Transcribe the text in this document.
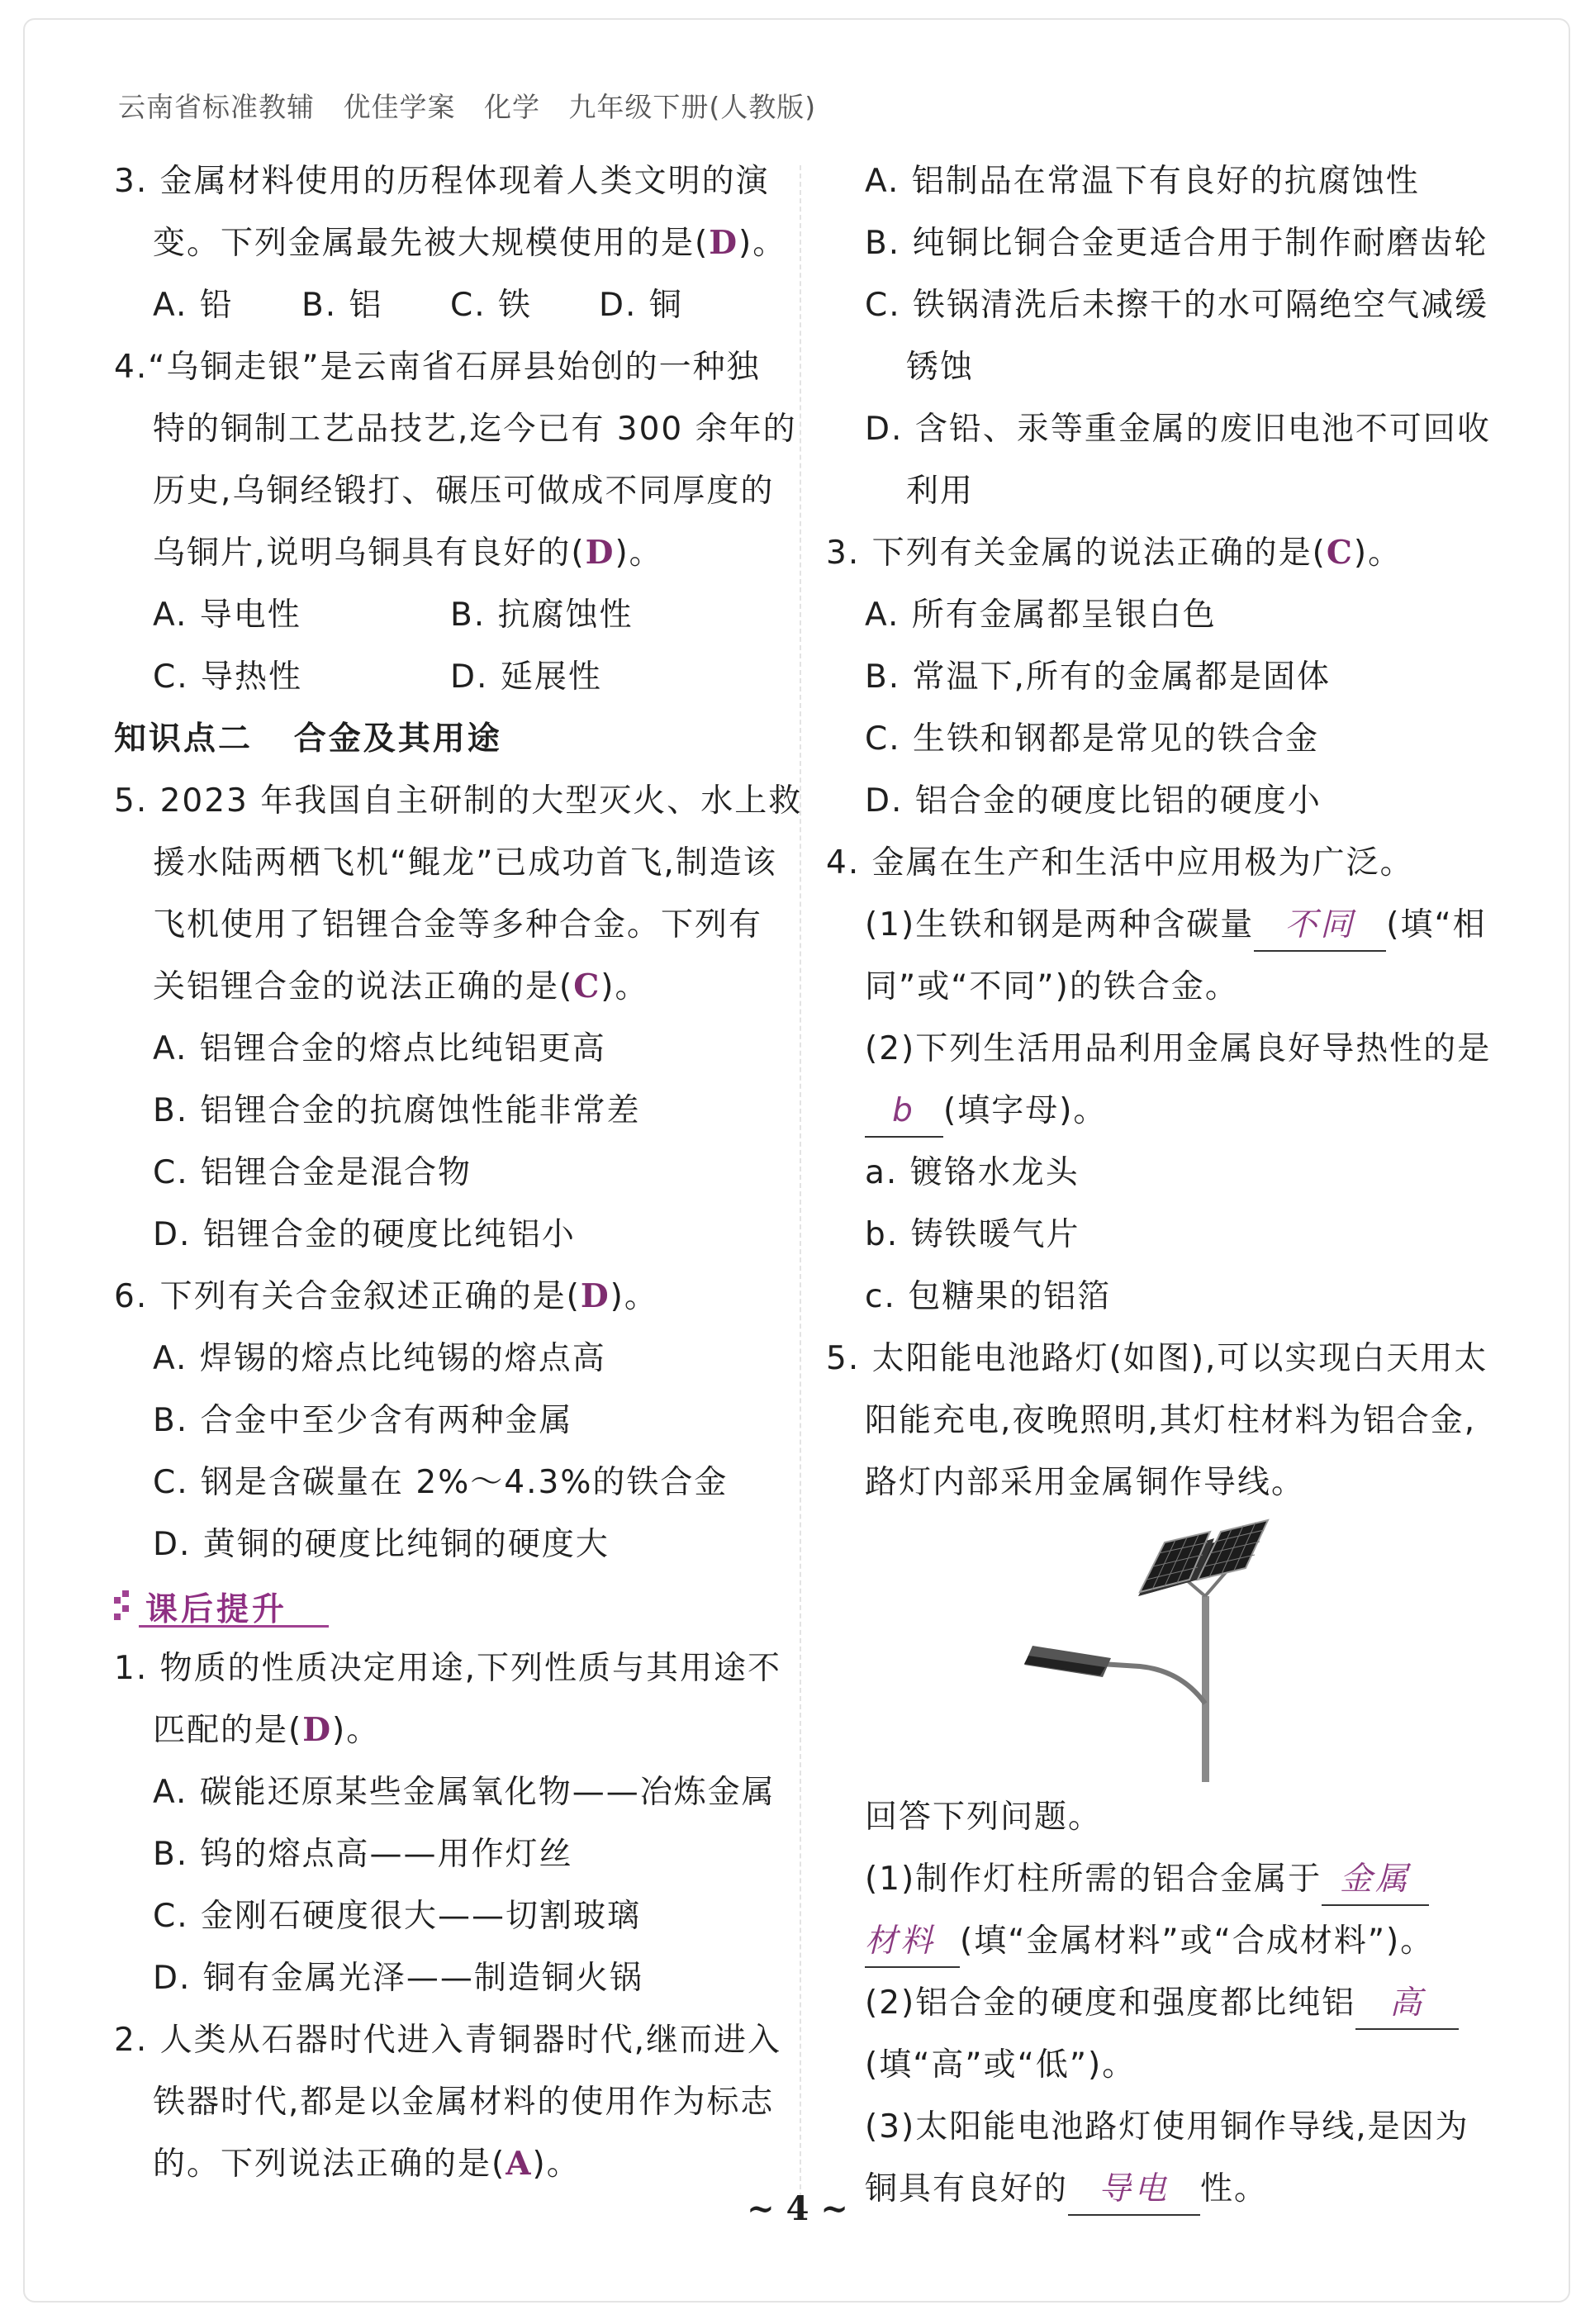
云南省标准教辅   优佳学案   化学   九年级下册(人教版)

3. 金属材料使用的历程体现着人类文明的演

变。下列金属最先被大规模使用的是(D)。

A. 铅	B. 铝	C. 铁	D. 铜

4.“乌铜走银”是云南省石屏县始创的一种独

特的铜制工艺品技艺,迄今已有 300 余年的

历史,乌铜经锻打、碾压可做成不同厚度的

乌铜片,说明乌铜具有良好的(D)。

A. 导电性	B. 抗腐蚀性
C. 导热性	D. 延展性
知识点二   合金及其用途

5. 2023 年我国自主研制的大型灭火、水上救

援水陆两栖飞机“鲲龙”已成功首飞,制造该

飞机使用了铝锂合金等多种合金。下列有

关铝锂合金的说法正确的是(C)。

A. 铝锂合金的熔点比纯铝更高

B. 铝锂合金的抗腐蚀性能非常差

C. 铝锂合金是混合物

D. 铝锂合金的硬度比纯铝小

6. 下列有关合金叙述正确的是(D)。

A. 焊锡的熔点比纯锡的熔点高

B. 合金中至少含有两种金属

C. 钢是含碳量在 2%～4.3%的铁合金

D. 黄铜的硬度比纯铜的硬度大

课后提升

1. 物质的性质决定用途,下列性质与其用途不

匹配的是(D)。

A. 碳能还原某些金属氧化物——冶炼金属

B. 钨的熔点高——用作灯丝

C. 金刚石硬度很大——切割玻璃

D. 铜有金属光泽——制造铜火锅

2. 人类从石器时代进入青铜器时代,继而进入

铁器时代,都是以金属材料的使用作为标志

的。下列说法正确的是(A)。

A. 铝制品在常温下有良好的抗腐蚀性

B. 纯铜比铜合金更适合用于制作耐磨齿轮

C. 铁锅清洗后未擦干的水可隔绝空气减缓

锈蚀

D. 含铅、汞等重金属的废旧电池不可回收

利用

3. 下列有关金属的说法正确的是(C)。

A. 所有金属都呈银白色

B. 常温下,所有的金属都是固体

C. 生铁和钢都是常见的铁合金

D. 铝合金的硬度比铝的硬度小

4. 金属在生产和生活中应用极为广泛。

(1)生铁和钢是两种含碳量 不同 (填“相

同”或“不同”)的铁合金。

(2)下列生活用品利用金属良好导热性的是

b (填字母)。

a. 镀铬水龙头

b. 铸铁暖气片

c. 包糖果的铝箔

5. 太阳能电池路灯(如图),可以实现白天用太

阳能充电,夜晚照明,其灯柱材料为铝合金,

路灯内部采用金属铜作导线。

回答下列问题。

(1)制作灯柱所需的铝合金属于 金属

材料 (填“金属材料”或“合成材料”)。

(2)铝合金的硬度和强度都比纯铝 高

(填“高”或“低”)。

(3)太阳能电池路灯使用铜作导线,是因为

铜具有良好的 导电 性。

~ 4 ~
